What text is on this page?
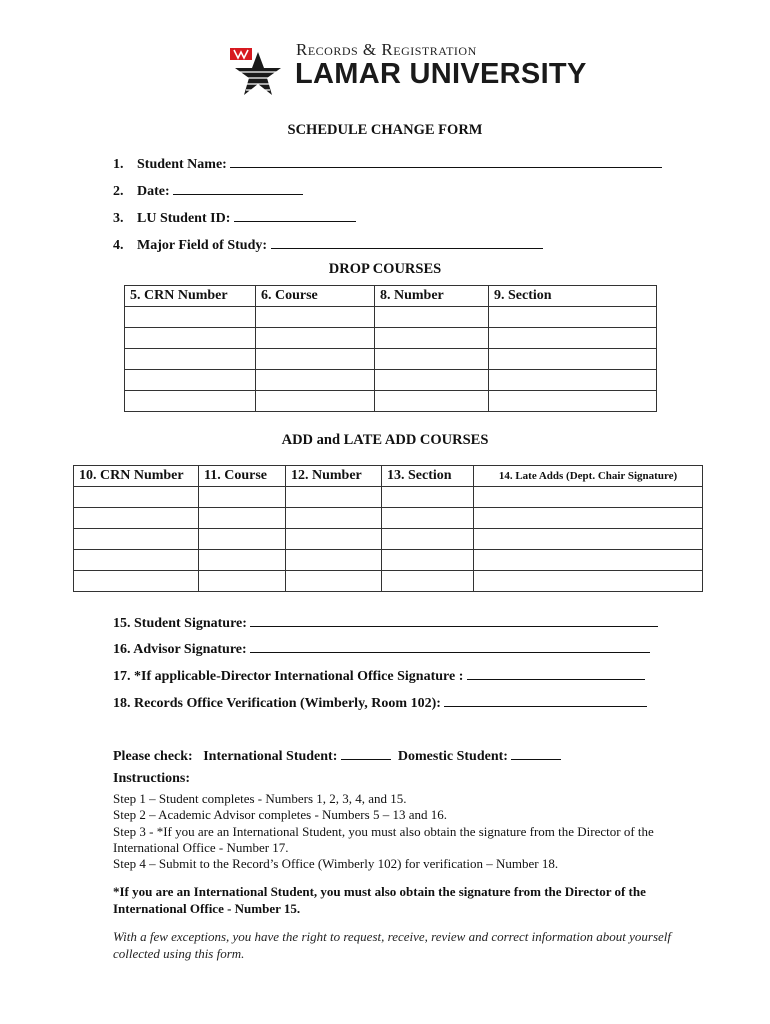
Records & Registration
LAMAR UNIVERSITY
SCHEDULE CHANGE FORM
1. Student Name:
2. Date:
3. LU Student ID:
4. Major Field of Study:
DROP COURSES
5. CRN Number	6. Course	8. Number	9. Section

ADD and LATE ADD COURSES
10. CRN Number	11. Course	12. Number	13. Section	14. Late Adds (Dept. Chair Signature)

15. Student Signature:
16. Advisor Signature:
17. *If applicable-Director International Office Signature :
18. Records Office Verification (Wimberly, Room 102):
Please check: International Student:	Domestic Student:
Instructions:
Step 1 – Student completes - Numbers 1, 2, 3, 4, and 15.
Step 2 – Academic Advisor completes - Numbers 5 – 13 and 16.
Step 3 - *If you are an International Student, you must also obtain the signature from the Director of the International Office - Number 17.
Step 4 – Submit to the Record’s Office (Wimberly 102) for verification – Number 18.
*If you are an International Student, you must also obtain the signature from the Director of the International Office - Number 15.
With a few exceptions, you have the right to request, receive, review and correct information about yourself collected using this form.
